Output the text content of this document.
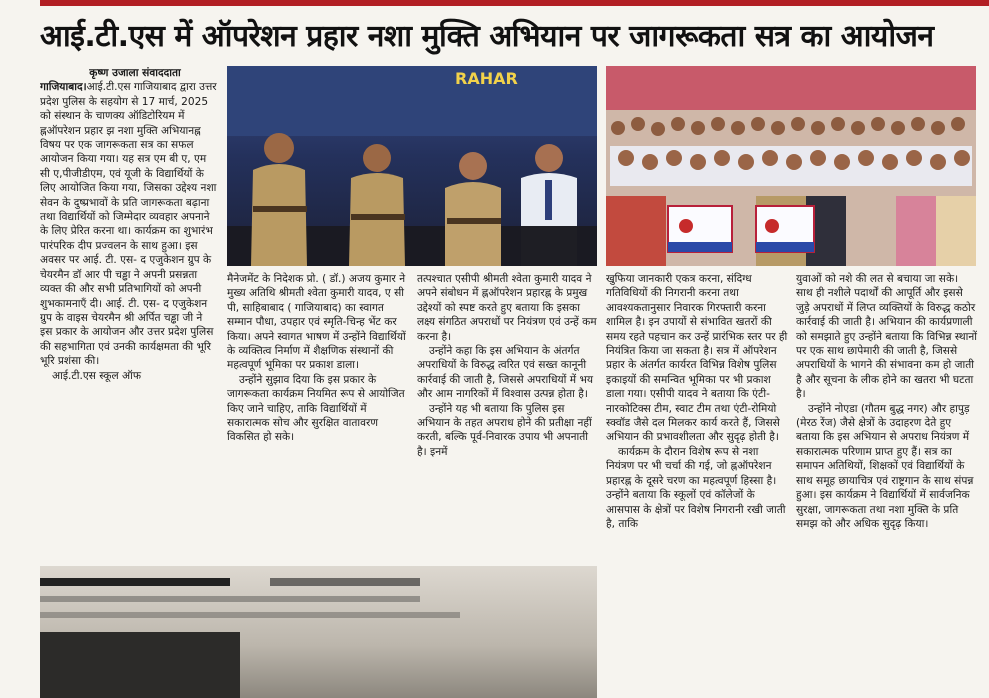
आई.टी.एस में ऑपरेशन प्रहार नशा मुक्ति अभियान पर जागरूकता सत्र का आयोजन

कृष्ण उजाला संवाददाता

गाजियाबाद।आई.टी.एस गाजियाबाद द्वारा उत्तर प्रदेश पुलिस के सहयोग से 17 मार्च, 2025 को संस्थान के चाणक्य ऑडिटोरियम में ह्नऑपरेशन प्रहार झ नशा मुक्ति अभियानह्न विषय पर एक जागरूकता सत्र का सफल आयोजन किया गया। यह सत्र एम बी ए, एम सी ए,पीजीडीएम, एवं यूजी के विद्यार्थियों के लिए आयोजित किया गया, जिसका उद्देश्य नशा सेवन के दुष्प्रभावों के प्रति जागरूकता बढ़ाना तथा विद्यार्थियों को जिम्मेदार व्यवहार अपनाने के लिए प्रेरित करना था। कार्यक्रम का शुभारंभ पारंपरिक दीप प्रज्वलन के साथ हुआ। इस अवसर पर आई. टी. एस- द एजुकेशन ग्रुप के चेयरमैन डॉ आर पी चड्ढा ने अपनी प्रसन्नता व्यक्त की और सभी प्रतिभागियों को अपनी शुभकामनाएँ दी। आई. टी. एस- द एजुकेशन ग्रुप के वाइस चेयरमैन श्री अर्पित चड्ढा जी ने इस प्रकार के आयोजन और उत्तर प्रदेश पुलिस की सहभागिता एवं उनकी कार्यक्षमता की भूरि भूरि प्रशंसा की।

आई.टी.एस स्कूल ऑफ

RAHAR

मैनेजमेंट के निदेशक प्रो. ( डॉ.) अजय कुमार ने मुख्य अतिथि श्रीमती श्वेता कुमारी यादव, ए सी पी, साहिबाबाद ( गाजियाबाद) का स्वागत सम्मान पौधा, उपहार एवं स्मृति-चिन्ह भेंट कर किया। अपने स्वागत भाषण में उन्होंने विद्यार्थियों के व्यक्तित्व निर्माण में शैक्षणिक संस्थानों की महत्वपूर्ण भूमिका पर प्रकाश डाला।

उन्होंने सुझाव दिया कि इस प्रकार के जागरूकता कार्यक्रम नियमित रूप से आयोजित किए जाने चाहिए, ताकि विद्यार्थियों में सकारात्मक सोच और सुरक्षित वातावरण विकसित हो सके।

तत्पश्चात एसीपी श्रीमती श्वेता कुमारी यादव ने अपने संबोधन में ह्नऑपरेशन प्रहारह्न के प्रमुख उद्देश्यों को स्पष्ट करते हुए बताया कि इसका लक्ष्य संगठित अपराधों पर नियंत्रण एवं उन्हें कम करना है।

उन्होंने कहा कि इस अभियान के अंतर्गत अपराधियों के विरुद्ध त्वरित एवं सख्त कानूनी कार्रवाई की जाती है, जिससे अपराधियों में भय और आम नागरिकों में विश्वास उत्पन्न होता है।

उन्होंने यह भी बताया कि पुलिस इस अभियान के तहत अपराध होने की प्रतीक्षा नहीं करती, बल्कि पूर्व-निवारक उपाय भी अपनाती है। इनमें

खुफिया जानकारी एकत्र करना, संदिग्ध गतिविधियों की निगरानी करना तथा आवश्यकतानुसार निवारक गिरफ्तारी करना शामिल है। इन उपायों से संभावित खतरों की समय रहते पहचान कर उन्हें प्रारंभिक स्तर पर ही नियंत्रित किया जा सकता है। सत्र में ऑपरेशन प्रहार के अंतर्गत कार्यरत विभिन्न विशेष पुलिस इकाइयों की समन्वित भूमिका पर भी प्रकाश डाला गया। एसीपी यादव ने बताया कि एंटी-नारकोटिक्स टीम, स्वाट टीम तथा एंटी-रोमियो स्क्वॉड जैसे दल मिलकर कार्य करते हैं, जिससे अभियान की प्रभावशीलता और सुदृढ़ होती है।

कार्यक्रम के दौरान विशेष रूप से नशा नियंत्रण पर भी चर्चा की गई, जो ह्नऑपरेशन प्रहारह्न के दूसरे चरण का महत्वपूर्ण हिस्सा है। उन्होंने बताया कि स्कूलों एवं कॉलेजों के आसपास के क्षेत्रों पर विशेष निगरानी रखी जाती है, ताकि

युवाओं को नशे की लत से बचाया जा सके। साथ ही नशीले पदार्थों की आपूर्ति और इससे जुड़े अपराधों में लिप्त व्यक्तियों के विरुद्ध कठोर कार्रवाई की जाती है। अभियान की कार्यप्रणाली को समझाते हुए उन्होंने बताया कि विभिन्न स्थानों पर एक साथ छापेमारी की जाती है, जिससे अपराधियों के भागने की संभावना कम हो जाती है और सूचना के लीक होने का खतरा भी घटता है।

उन्होंने नोएडा (गौतम बुद्ध नगर) और हापुड़ (मेरठ रेंज) जैसे क्षेत्रों के उदाहरण देते हुए बताया कि इस अभियान से अपराध नियंत्रण में सकारात्मक परिणाम प्राप्त हुए हैं। सत्र का समापन अतिथियों, शिक्षकों एवं विद्यार्थियों के साथ समूह छायाचित्र एवं राष्ट्रगान के साथ संपन्न हुआ। इस कार्यक्रम ने विद्यार्थियों में सार्वजनिक सुरक्षा, जागरूकता तथा नशा मुक्ति के प्रति समझ को और अधिक सुदृढ़ किया।
